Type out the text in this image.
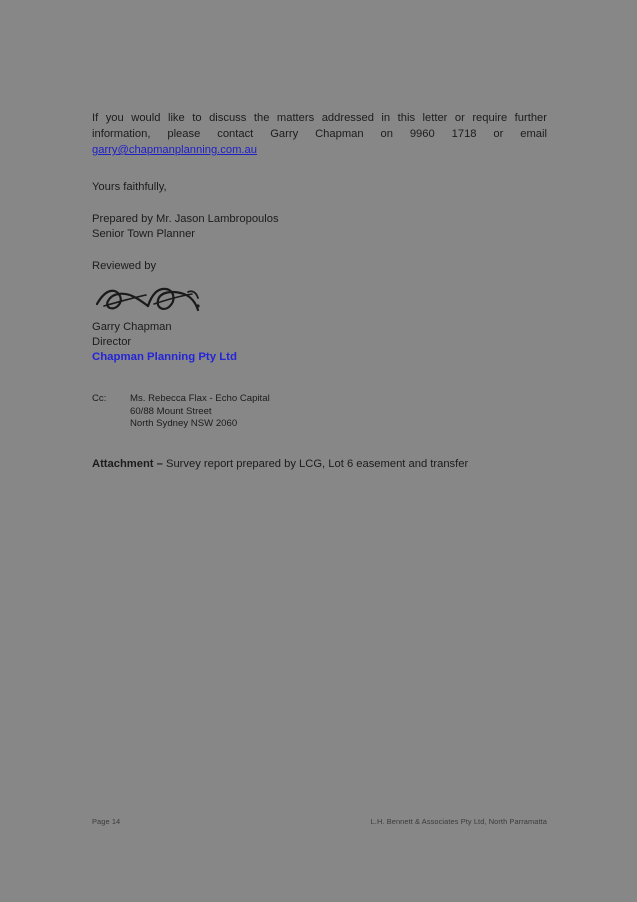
If you would like to discuss the matters addressed in this letter or require further information, please contact Garry Chapman on 9960 1718 or email garry@chapmanplanning.com.au

Yours faithfully,

Prepared by Mr. Jason Lambropoulos

Senior Town Planner

Reviewed by

Garry Chapman

Director

Chapman Planning Pty Ltd

Cc:	Ms. Rebecca Flax - Echo Capital
60/88 Mount Street
North Sydney NSW 2060

Attachment – Survey report prepared by LCG, Lot 6 easement and transfer

Page 14	L.H. Bennett & Associates Pty Ltd, North Parramatta
